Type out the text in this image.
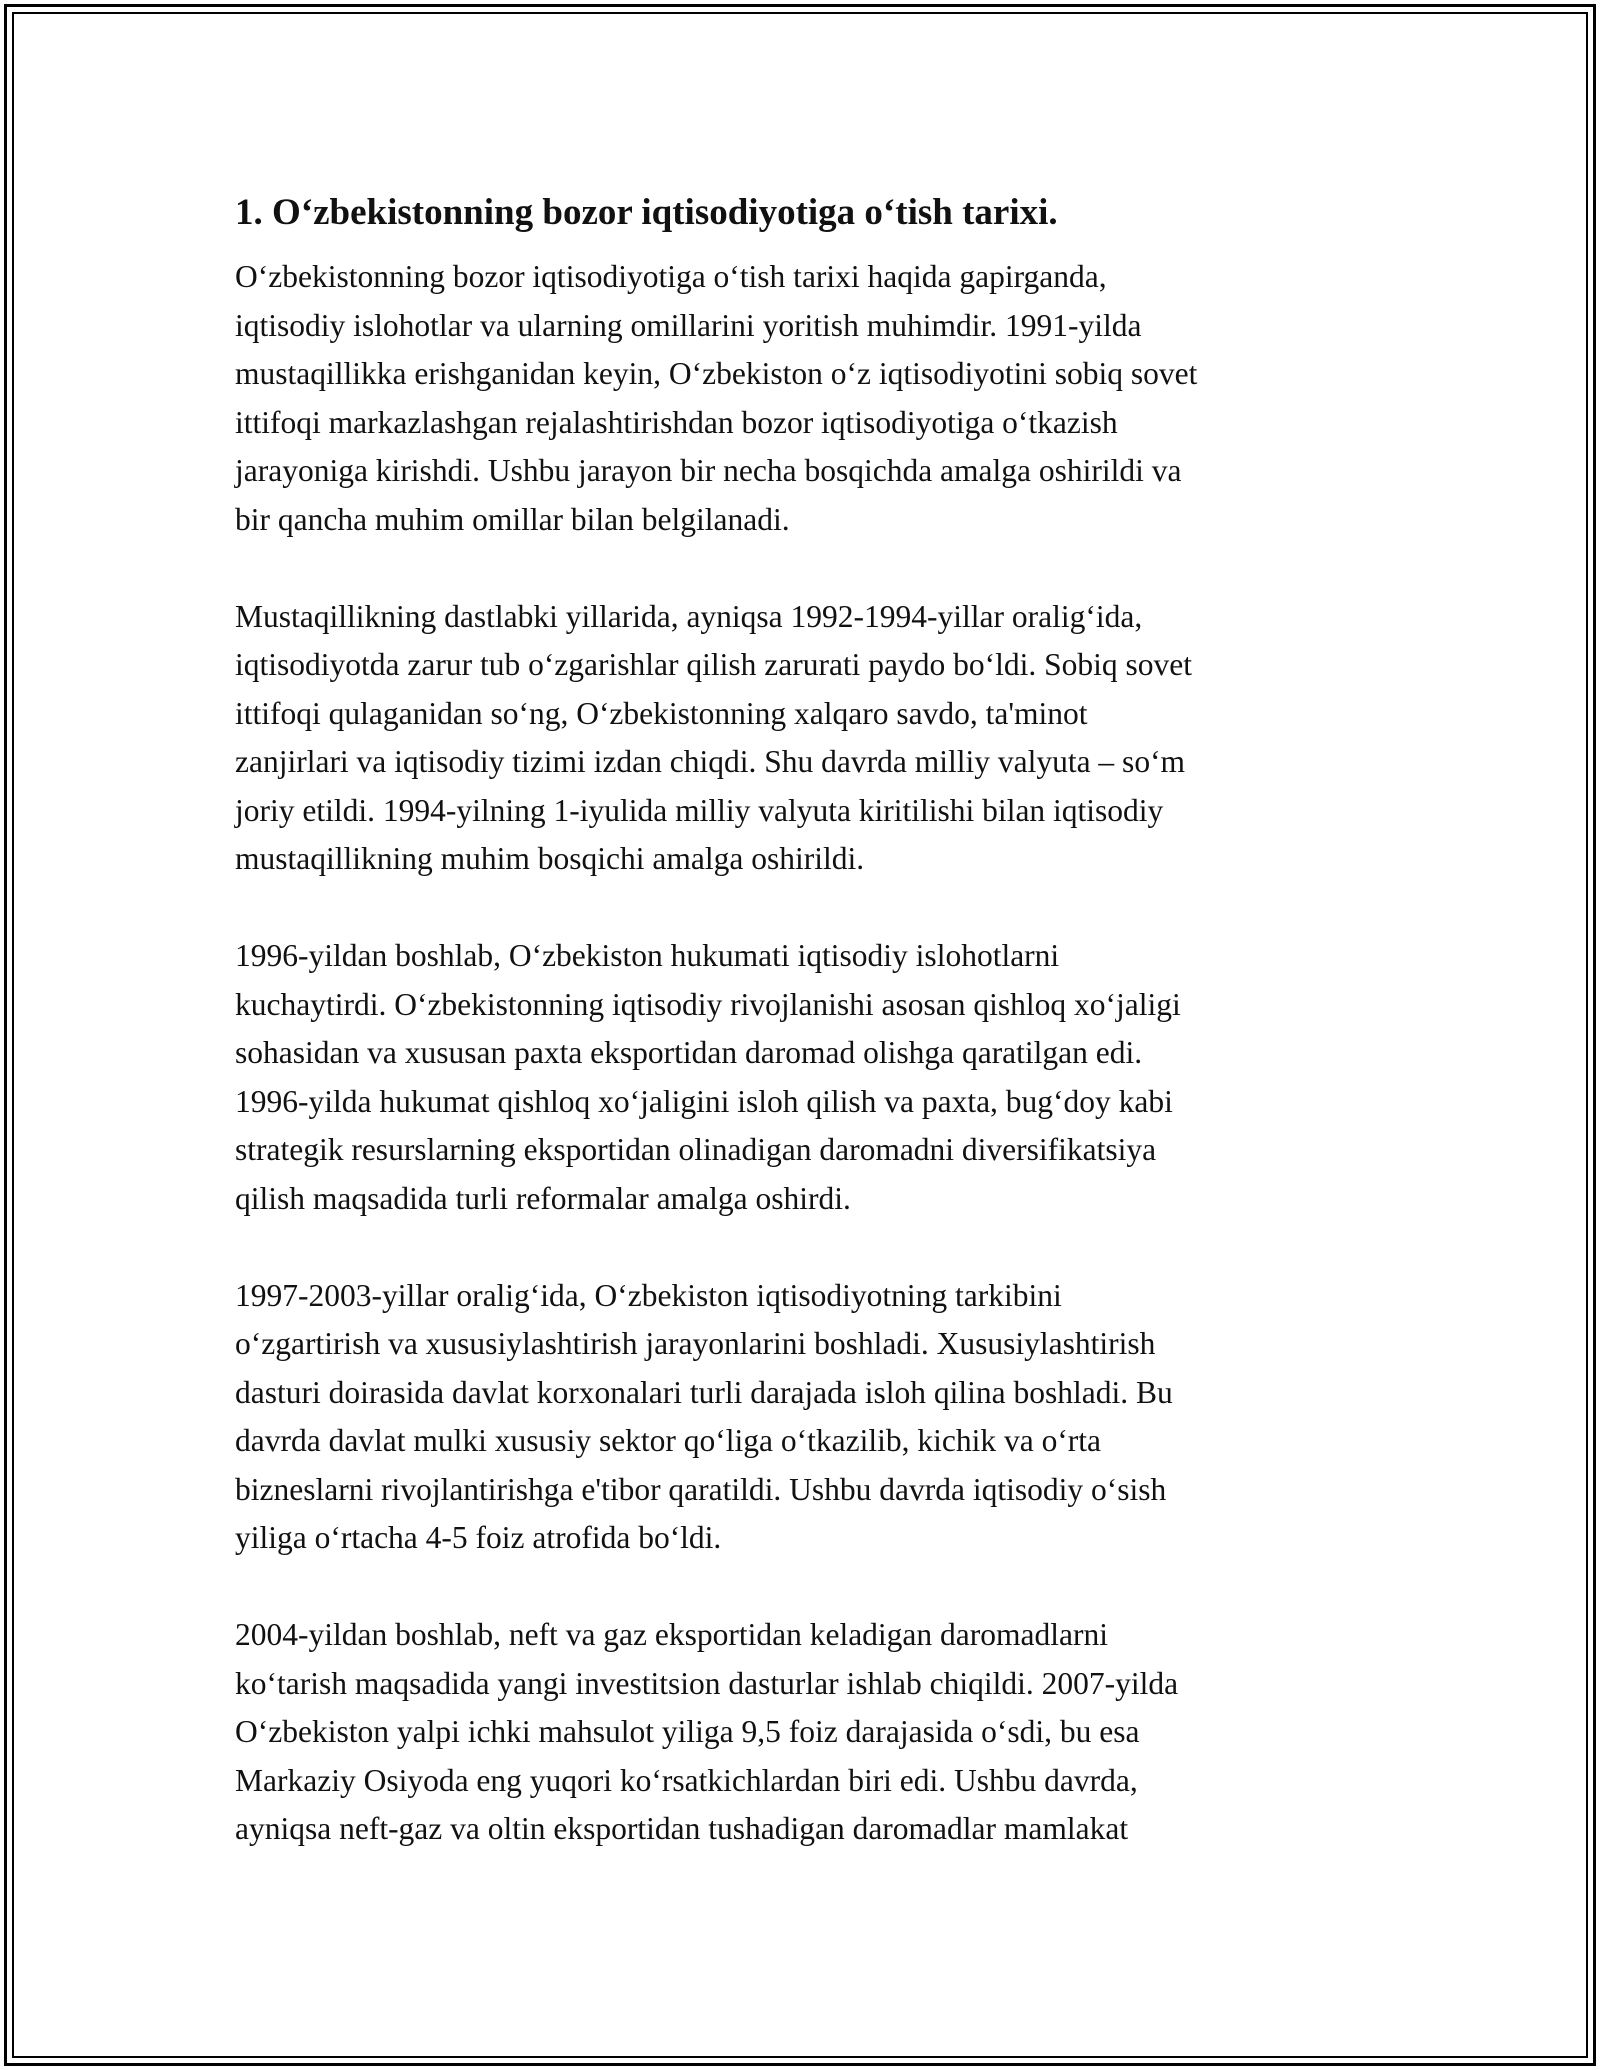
1. O‘zbekistonning bozor iqtisodiyotiga o‘tish tarixi.

O‘zbekistonning bozor iqtisodiyotiga o‘tish tarixi haqida gapirganda,
iqtisodiy islohotlar va ularning omillarini yoritish muhimdir. 1991-yilda
mustaqillikka erishganidan keyin, O‘zbekiston o‘z iqtisodiyotini sobiq sovet
ittifoqi markazlashgan rejalashtirishdan bozor iqtisodiyotiga o‘tkazish
jarayoniga kirishdi. Ushbu jarayon bir necha bosqichda amalga oshirildi va
bir qancha muhim omillar bilan belgilanadi.

Mustaqillikning dastlabki yillarida, ayniqsa 1992-1994-yillar oralig‘ida,
iqtisodiyotda zarur tub o‘zgarishlar qilish zarurati paydo bo‘ldi. Sobiq sovet
ittifoqi qulaganidan so‘ng, O‘zbekistonning xalqaro savdo, ta'minot
zanjirlari va iqtisodiy tizimi izdan chiqdi. Shu davrda milliy valyuta – so‘m
joriy etildi. 1994-yilning 1-iyulida milliy valyuta kiritilishi bilan iqtisodiy
mustaqillikning muhim bosqichi amalga oshirildi.

1996-yildan boshlab, O‘zbekiston hukumati iqtisodiy islohotlarni
kuchaytirdi. O‘zbekistonning iqtisodiy rivojlanishi asosan qishloq xo‘jaligi
sohasidan va xususan paxta eksportidan daromad olishga qaratilgan edi.
1996-yilda hukumat qishloq xo‘jaligini isloh qilish va paxta, bug‘doy kabi
strategik resurslarning eksportidan olinadigan daromadni diversifikatsiya
qilish maqsadida turli reformalar amalga oshirdi.

1997-2003-yillar oralig‘ida, O‘zbekiston iqtisodiyotning tarkibini
o‘zgartirish va xususiylashtirish jarayonlarini boshladi. Xususiylashtirish
dasturi doirasida davlat korxonalari turli darajada isloh qilina boshladi. Bu
davrda davlat mulki xususiy sektor qo‘liga o‘tkazilib, kichik va o‘rta
bizneslarni rivojlantirishga e'tibor qaratildi. Ushbu davrda iqtisodiy o‘sish
yiliga o‘rtacha 4-5 foiz atrofida bo‘ldi.

2004-yildan boshlab, neft va gaz eksportidan keladigan daromadlarni
ko‘tarish maqsadida yangi investitsion dasturlar ishlab chiqildi. 2007-yilda
O‘zbekiston yalpi ichki mahsulot yiliga 9,5 foiz darajasida o‘sdi, bu esa
Markaziy Osiyoda eng yuqori ko‘rsatkichlardan biri edi. Ushbu davrda,
ayniqsa neft-gaz va oltin eksportidan tushadigan daromadlar mamlakat
